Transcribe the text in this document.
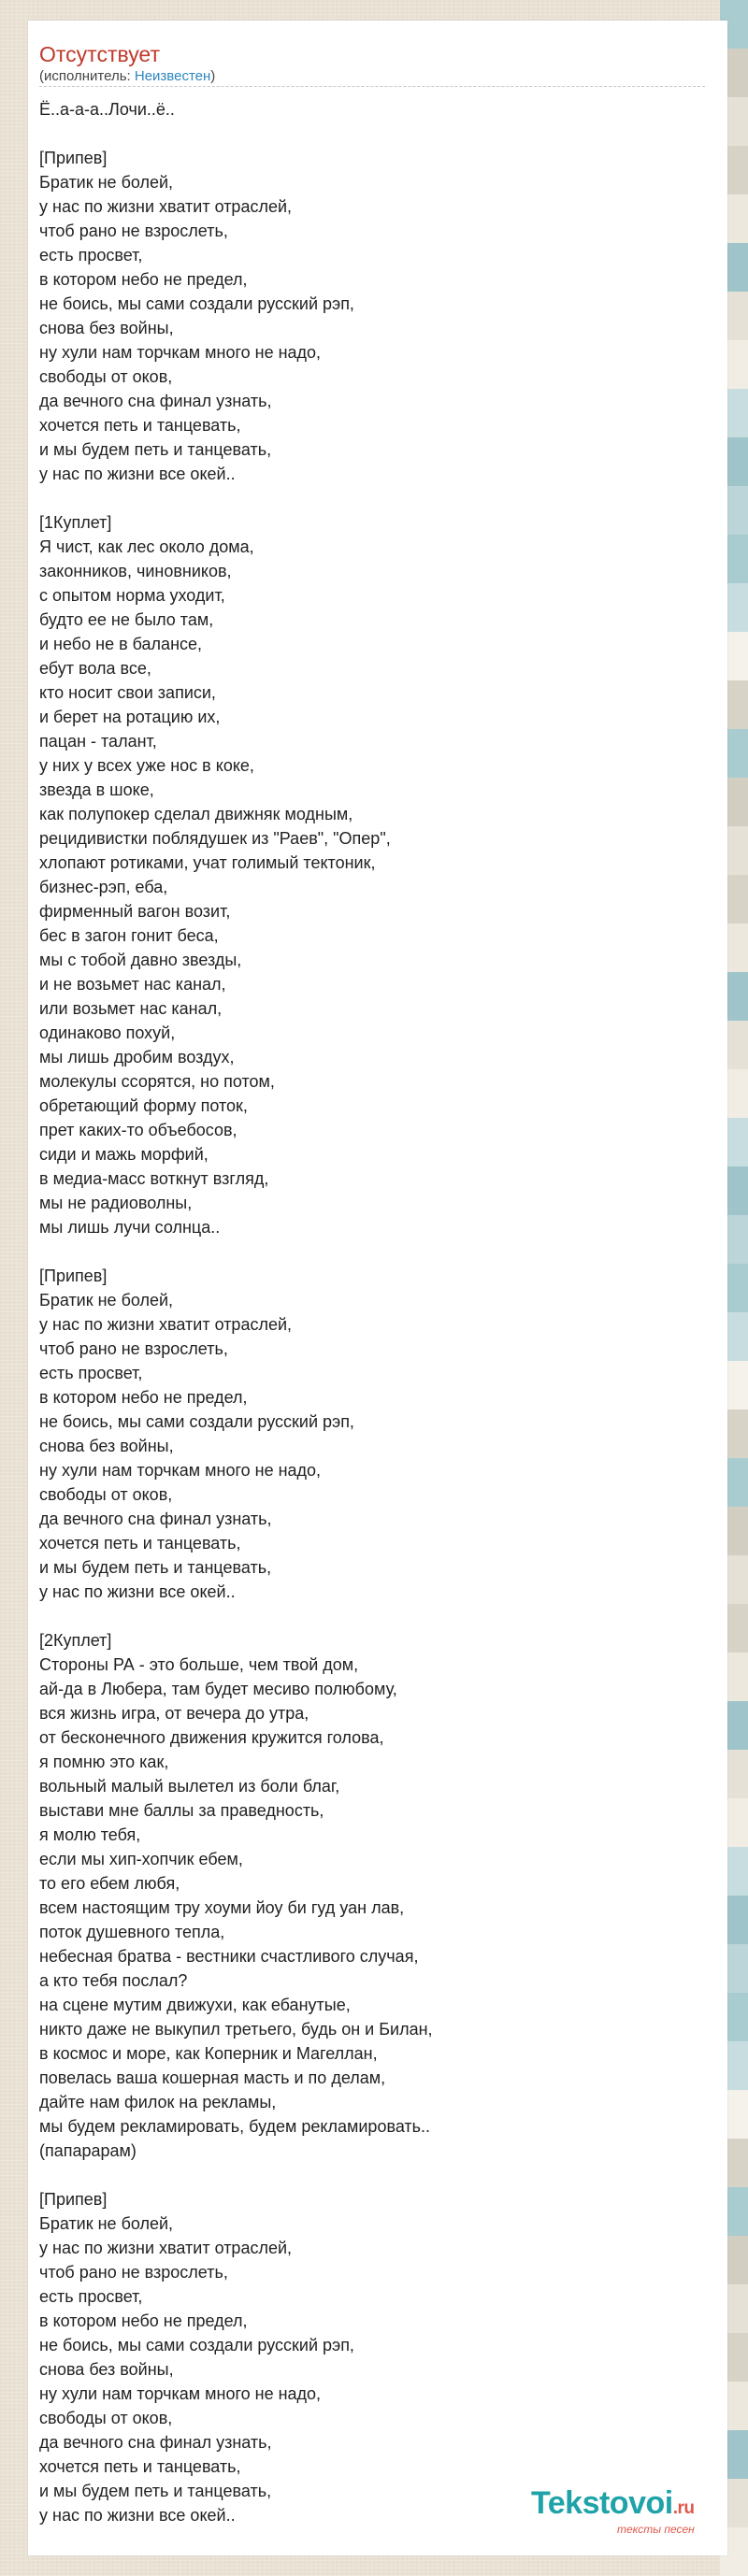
Отсутствует
(исполнитель: Неизвестен)
Ё..а-а-а..Лочи..ё..

[Припев]
Братик не болей,
у нас по жизни хватит отраслей,
чтоб рано не взрослеть,
есть просвет,
в котором небо не предел,
не боись, мы сами создали русский рэп,
снова без войны,
ну хули нам торчкам много не надо,
свободы от оков,
да вечного сна финал узнать,
хочется петь и танцевать,
и мы будем петь и танцевать,
у нас по жизни все окей..

[1Куплет]
Я чист, как лес около дома,
законников, чиновников,
с опытом норма уходит,
будто ее не было там,
и небо не в балансе,
ебут вола все,
кто носит свои записи,
и берет на ротацию их,
пацан - талант,
у них у всех уже нос в коке,
звезда в шоке,
как полупокер сделал движняк модным,
рецидивистки поблядушек из "Раев", "Опер",
хлопают ротиками, учат голимый тектоник,
бизнес-рэп, еба,
фирменный вагон возит,
бес в загон гонит беса,
мы с тобой давно звезды,
и не возьмет нас канал,
или возьмет нас канал,
одинаково похуй,
мы лишь дробим воздух,
молекулы ссорятся, но потом,
обретающий форму поток,
прет каких-то объебосов,
сиди и мажь морфий,
в медиа-масс воткнут взгляд,
мы не радиоволны,
мы лишь лучи солнца..

[Припев]
Братик не болей,
у нас по жизни хватит отраслей,
чтоб рано не взрослеть,
есть просвет,
в котором небо не предел,
не боись, мы сами создали русский рэп,
снова без войны,
ну хули нам торчкам много не надо,
свободы от оков,
да вечного сна финал узнать,
хочется петь и танцевать,
и мы будем петь и танцевать,
у нас по жизни все окей..

[2Куплет]
Стороны РА - это больше, чем твой дом,
ай-да в Люберa, там будет месиво полюбому,
вся жизнь игра, от вечера до утра,
от бесконечного движения кружится голова,
я помню это как,
вольный малый вылетел из боли благ,
выстави мне баллы за праведность,
я молю тебя,
если мы хип-хопчик ебем,
то его ебем любя,
всем настоящим тру хоуми йоу би гуд уан лав,
поток душевного тепла,
небесная братва - вестники счастливого случая,
а кто тебя послал?
на сцене мутим движухи, как ебанутые,
никто даже не выкупил третьего, будь он и Билан,
в космос и море, как Коперник и Магеллан,
повелась ваша кошерная масть и по делам,
дайте нам филок на рекламы,
мы будем рекламировать, будем рекламировать..
(папарарам)

[Припев]
Братик не болей,
у нас по жизни хватит отраслей,
чтоб рано не взрослеть,
есть просвет,
в котором небо не предел,
не боись, мы сами создали русский рэп,
снова без войны,
ну хули нам торчкам много не надо,
свободы от оков,
да вечного сна финал узнать,
хочется петь и танцевать,
и мы будем петь и танцевать,
у нас по жизни все окей..	Tekstovoi.ru
тексты песен
